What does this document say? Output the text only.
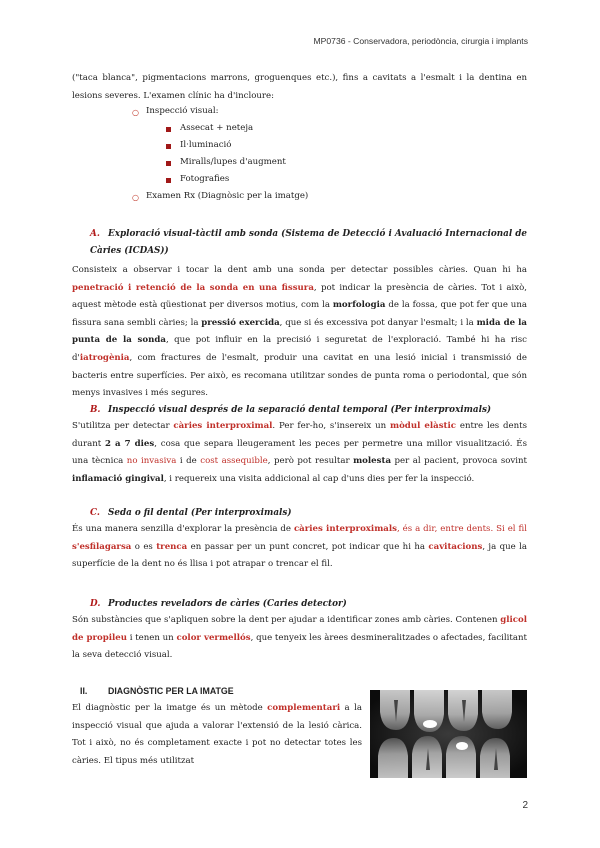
MP0736 - Conservadora, periodòncia, cirurgia i implants

("taca blanca", pigmentacions marrons, groguenques etc.), fins a cavitats a l'esmalt i la dentina en lesions severes. L'examen clínic ha d'incloure:

○ Inspecció visual:
Assecat + neteja
Il·luminació
Miralls/lupes d'augment
Fotografies
○ Examen Rx (Diagnòsic per la imatge)

A. Exploració visual-tàctil amb sonda (Sistema de Detecció i Avaluació Internacional de Càries (ICDAS))

Consisteix a observar i tocar la dent amb una sonda per detectar possibles càries. Quan hi ha penetració i retenció de la sonda en una fissura, pot indicar la presència de càries. Tot i això, aquest mètode està qüestionat per diversos motius, com la morfologia de la fossa, que pot fer que una fissura sana sembli càries; la pressió exercida, que si és excessiva pot danyar l'esmalt; i la mida de la punta de la sonda, que pot influir en la precisió i seguretat de l'exploració. També hi ha risc d'iatrogènia, com fractures de l'esmalt, produir una cavitat en una lesió inicial i transmissió de bacteris entre superfícies. Per això, es recomana utilitzar sondes de punta roma o periodontal, que són menys invasives i més segures.

B. Inspecció visual després de la separació dental temporal (Per interproximals)

S'utilitza per detectar càries interproximal. Per fer-ho, s'insereix un mòdul elàstic entre les dents durant 2 a 7 dies, cosa que separa lleugerament les peces per permetre una millor visualització. És una tècnica no invasiva i de cost assequible, però pot resultar molesta per al pacient, provoca sovint inflamació gingival, i requereix una visita addicional al cap d'uns dies per fer la inspecció.

C. Seda o fil dental (Per interproximals)

És una manera senzilla d'explorar la presència de càries interproximals, és a dir, entre dents. Si el fil s'esfilagarsa o es trenca en passar per un punt concret, pot indicar que hi ha cavitacions, ja que la superfície de la dent no és llisa i pot atrapar o trencar el fil.

D. Productes reveladors de càries (Caries detector)

Són substàncies que s'apliquen sobre la dent per ajudar a identificar zones amb càries. Contenen glicol de propileu i tenen un color vermellós, que tenyeix les àrees desmineralitzades o afectades, facilitant la seva detecció visual.

II. DIAGNÒSTIC PER LA IMATGE

El diagnòstic per la imatge és un mètode complementari a la inspecció visual que ajuda a valorar l'extensió de la lesió càrica. Tot i això, no és completament exacte i pot no detectar totes les càries. El tipus més utilitzat

2
